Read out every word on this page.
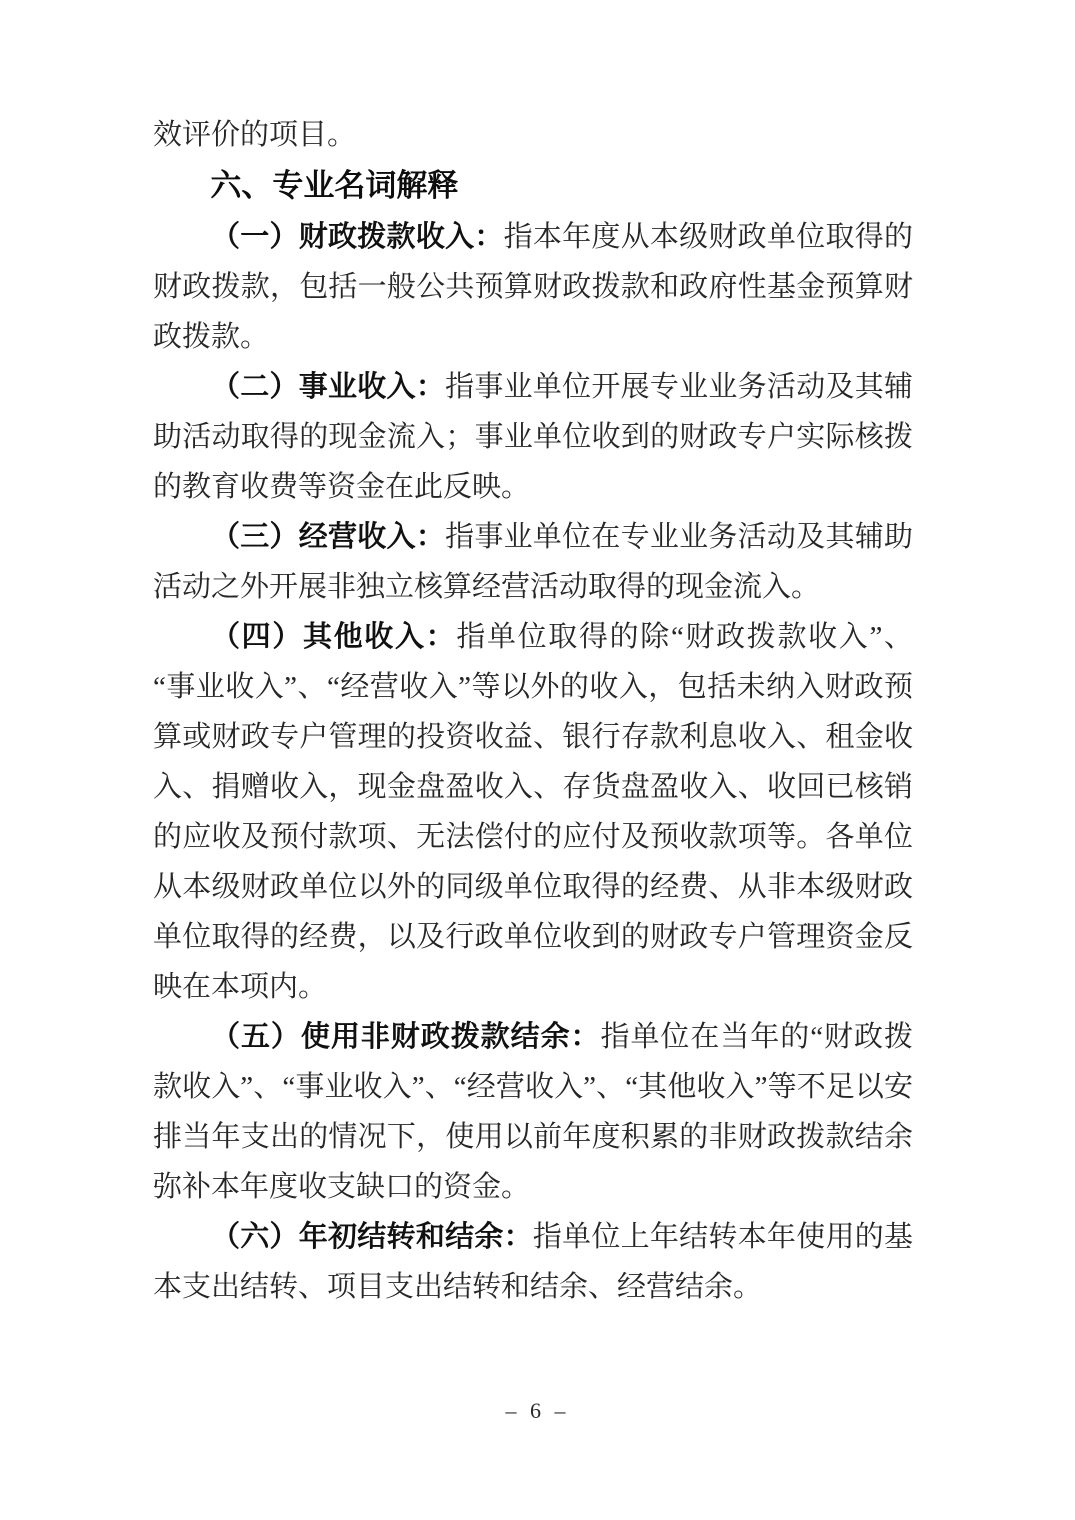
效评价的项目。

六、专业名词解释

（一）财政拨款收入：指本年度从本级财政单位取得的财政拨款，包括一般公共预算财政拨款和政府性基金预算财政拨款。

（二）事业收入：指事业单位开展专业业务活动及其辅助活动取得的现金流入；事业单位收到的财政专户实际核拨的教育收费等资金在此反映。

（三）经营收入：指事业单位在专业业务活动及其辅助活动之外开展非独立核算经营活动取得的现金流入。

（四）其他收入：指单位取得的除“财政拨款收入”、“事业收入”、“经营收入”等以外的收入，包括未纳入财政预算或财政专户管理的投资收益、银行存款利息收入、租金收入、捐赠收入，现金盘盈收入、存货盘盈收入、收回已核销的应收及预付款项、无法偿付的应付及预收款项等。各单位从本级财政单位以外的同级单位取得的经费、从非本级财政单位取得的经费，以及行政单位收到的财政专户管理资金反映在本项内。

（五）使用非财政拨款结余：指单位在当年的“财政拨款收入”、“事业收入”、“经营收入”、“其他收入”等不足以安排当年支出的情况下，使用以前年度积累的非财政拨款结余弥补本年度收支缺口的资金。

（六）年初结转和结余：指单位上年结转本年使用的基本支出结转、项目支出结转和结余、经营结余。

– 6 –
